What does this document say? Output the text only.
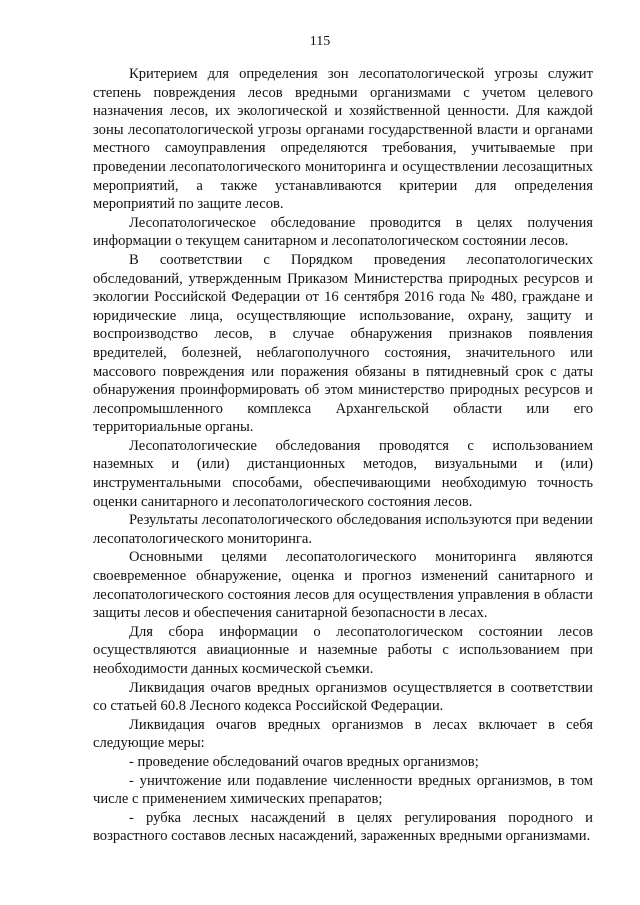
115

Критерием для определения зон лесопатологической угрозы служит степень повреждения лесов вредными организмами с учетом целевого назначения лесов, их экологической и хозяйственной ценности. Для каждой зоны лесопатологической угрозы органами государственной власти и органами местного самоуправления определяются требования, учитываемые при проведении лесопатологического мониторинга и осуществлении лесозащитных мероприятий, а также устанавливаются критерии для определения мероприятий по защите лесов.

Лесопатологическое обследование проводится в целях получения информации о текущем санитарном и лесопатологическом состоянии лесов.

В соответствии с Порядком проведения лесопатологических обследований, утвержденным Приказом Министерства природных ресурсов и экологии Российской Федерации от 16 сентября 2016 года № 480, граждане и юридические лица, осуществляющие использование, охрану, защиту и воспроизводство лесов, в случае обнаружения признаков появления вредителей, болезней, неблагополучного состояния, значительного или массового повреждения или поражения обязаны в пятидневный срок с даты обнаружения проинформировать об этом министерство природных ресурсов и лесопромышленного комплекса Архангельской области или его территориальные органы.

Лесопатологические обследования проводятся с использованием наземных и (или) дистанционных методов, визуальными и (или) инструментальными способами, обеспечивающими необходимую точность оценки санитарного и лесопатологического состояния лесов.

Результаты лесопатологического обследования используются при ведении лесопатологического мониторинга.

Основными целями лесопатологического мониторинга являются своевременное обнаружение, оценка и прогноз изменений санитарного и лесопатологического состояния лесов для осуществления управления в области защиты лесов и обеспечения санитарной безопасности в лесах.

Для сбора информации о лесопатологическом состоянии лесов осуществляются авиационные и наземные работы с использованием при необходимости данных космической съемки.

Ликвидация очагов вредных организмов осуществляется в соответствии со статьей 60.8 Лесного кодекса Российской Федерации.

Ликвидация очагов вредных организмов в лесах включает в себя следующие меры:

- проведение обследований очагов вредных организмов;

- уничтожение или подавление численности вредных организмов, в том числе с применением химических препаратов;

- рубка лесных насаждений в целях регулирования породного и возрастного составов лесных насаждений, зараженных вредными организмами.
